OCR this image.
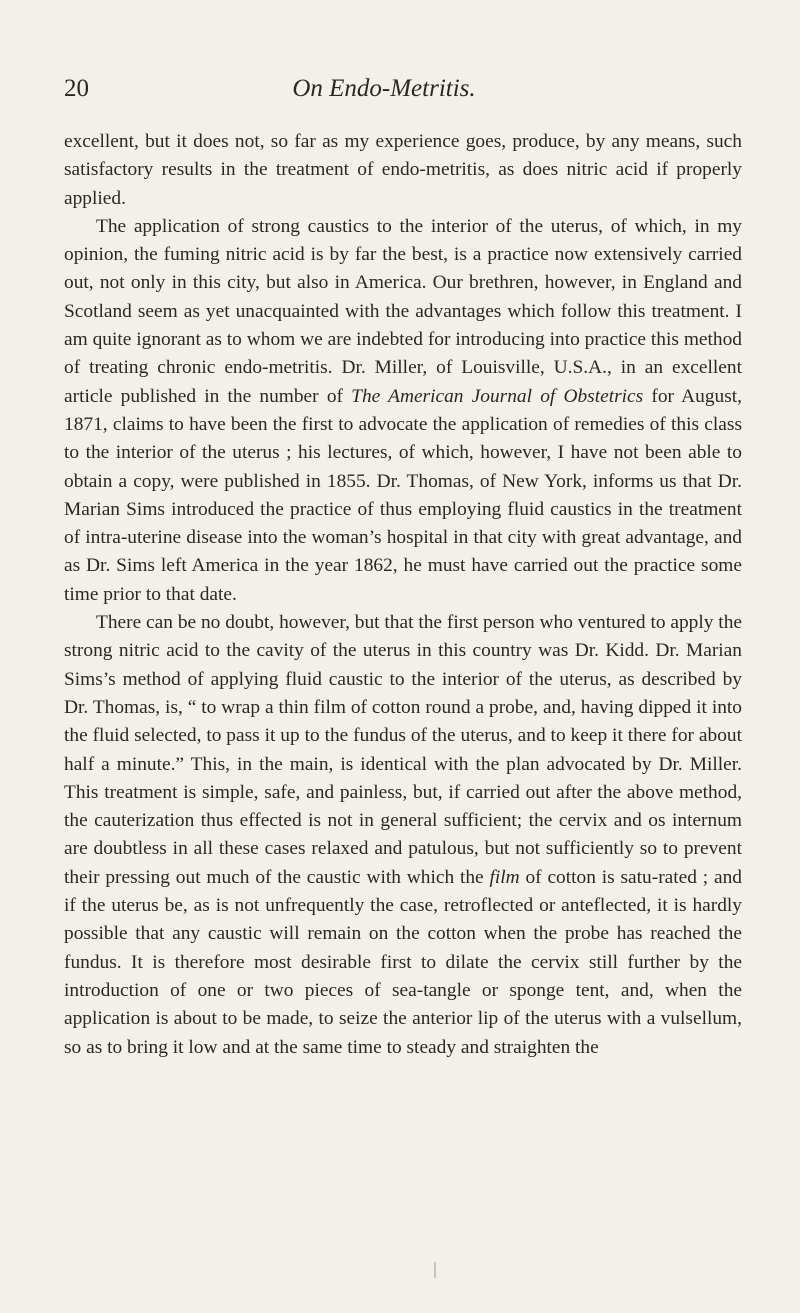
20	On Endo-Metritis.

excellent, but it does not, so far as my experience goes, produce, by any means, such satisfactory results in the treatment of endo-metritis, as does nitric acid if properly applied.

The application of strong caustics to the interior of the uterus, of which, in my opinion, the fuming nitric acid is by far the best, is a practice now extensively carried out, not only in this city, but also in America. Our brethren, however, in England and Scotland seem as yet unacquainted with the advantages which follow this treatment. I am quite ignorant as to whom we are indebted for introducing into practice this method of treating chronic endo-metritis. Dr. Miller, of Louisville, U.S.A., in an excellent article published in the number of The American Journal of Obstetrics for August, 1871, claims to have been the first to advocate the application of remedies of this class to the interior of the uterus ; his lectures, of which, however, I have not been able to obtain a copy, were published in 1855. Dr. Thomas, of New York, informs us that Dr. Marian Sims introduced the practice of thus employing fluid caustics in the treatment of intra-uterine disease into the woman’s hospital in that city with great advantage, and as Dr. Sims left America in the year 1862, he must have carried out the practice some time prior to that date.

There can be no doubt, however, but that the first person who ventured to apply the strong nitric acid to the cavity of the uterus in this country was Dr. Kidd. Dr. Marian Sims’s method of applying fluid caustic to the interior of the uterus, as described by Dr. Thomas, is, “ to wrap a thin film of cotton round a probe, and, having dipped it into the fluid selected, to pass it up to the fundus of the uterus, and to keep it there for about half a minute.” This, in the main, is identical with the plan advocated by Dr. Miller. This treatment is simple, safe, and painless, but, if carried out after the above method, the cauterization thus effected is not in general sufficient; the cervix and os internum are doubtless in all these cases relaxed and patulous, but not sufficiently so to prevent their pressing out much of the caustic with which the film of cotton is satu-rated ; and if the uterus be, as is not unfrequently the case, retroflected or anteflected, it is hardly possible that any caustic will remain on the cotton when the probe has reached the fundus. It is therefore most desirable first to dilate the cervix still further by the introduction of one or two pieces of sea-tangle or sponge tent, and, when the application is about to be made, to seize the anterior lip of the uterus with a vulsellum, so as to bring it low and at the same time to steady and straighten the
